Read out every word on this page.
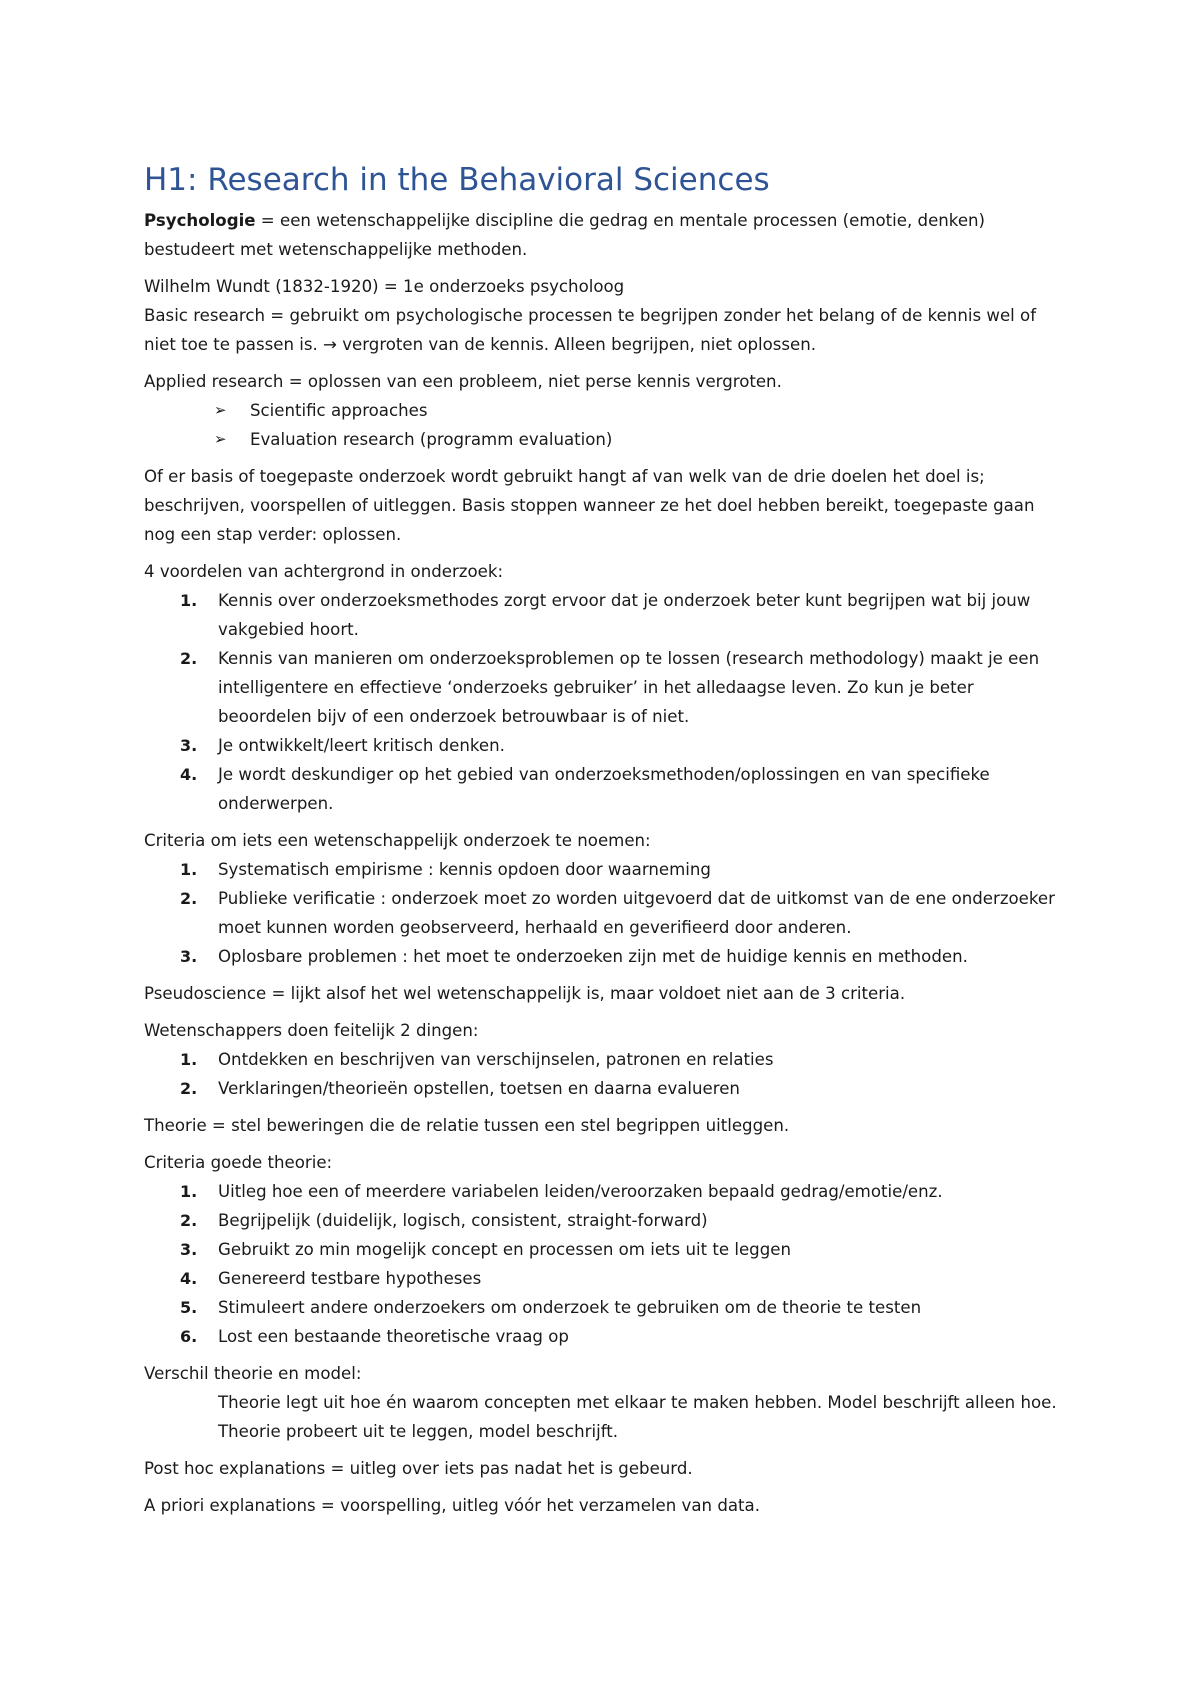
H1: Research in the Behavioral Sciences

Psychologie = een wetenschappelijke discipline die gedrag en mentale processen (emotie, denken) bestudeert met wetenschappelijke methoden.

Wilhelm Wundt (1832-1920) = 1e onderzoeks psycholoog

Basic research = gebruikt om psychologische processen te begrijpen zonder het belang of de kennis wel of niet toe te passen is. → vergroten van de kennis. Alleen begrijpen, niet oplossen.

Applied research = oplossen van een probleem, niet perse kennis vergroten.

➢ Scientific approaches
➢ Evaluation research (programm evaluation)

Of er basis of toegepaste onderzoek wordt gebruikt hangt af van welk van de drie doelen het doel is; beschrijven, voorspellen of uitleggen. Basis stoppen wanneer ze het doel hebben bereikt, toegepaste gaan nog een stap verder: oplossen.

4 voordelen van achtergrond in onderzoek:

1. Kennis over onderzoeksmethodes zorgt ervoor dat je onderzoek beter kunt begrijpen wat bij jouw vakgebied hoort.
2. Kennis van manieren om onderzoeksproblemen op te lossen (research methodology) maakt je een intelligentere en effectieve ‘onderzoeks gebruiker’ in het alledaagse leven. Zo kun je beter beoordelen bijv of een onderzoek betrouwbaar is of niet.
3. Je ontwikkelt/leert kritisch denken.
4. Je wordt deskundiger op het gebied van onderzoeksmethoden/oplossingen en van specifieke onderwerpen.

Criteria om iets een wetenschappelijk onderzoek te noemen:

1. Systematisch empirisme : kennis opdoen door waarneming
2. Publieke verificatie : onderzoek moet zo worden uitgevoerd dat de uitkomst van de ene onderzoeker moet kunnen worden geobserveerd, herhaald en geverifieerd door anderen.
3. Oplosbare problemen : het moet te onderzoeken zijn met de huidige kennis en methoden.

Pseudoscience = lijkt alsof het wel wetenschappelijk is, maar voldoet niet aan de 3 criteria.

Wetenschappers doen feitelijk 2 dingen:

1. Ontdekken en beschrijven van verschijnselen, patronen en relaties
2. Verklaringen/theorieën opstellen, toetsen en daarna evalueren

Theorie = stel beweringen die de relatie tussen een stel begrippen uitleggen.

Criteria goede theorie:

1. Uitleg hoe een of meerdere variabelen leiden/veroorzaken bepaald gedrag/emotie/enz.
2. Begrijpelijk (duidelijk, logisch, consistent, straight-forward)
3. Gebruikt zo min mogelijk concept en processen om iets uit te leggen
4. Genereerd testbare hypotheses
5. Stimuleert andere onderzoekers om onderzoek te gebruiken om de theorie te testen
6. Lost een bestaande theoretische vraag op

Verschil theorie en model:

Theorie legt uit hoe én waarom concepten met elkaar te maken hebben. Model beschrijft alleen hoe. Theorie probeert uit te leggen, model beschrijft.

Post hoc explanations = uitleg over iets pas nadat het is gebeurd.

A priori explanations = voorspelling, uitleg vóór het verzamelen van data.
